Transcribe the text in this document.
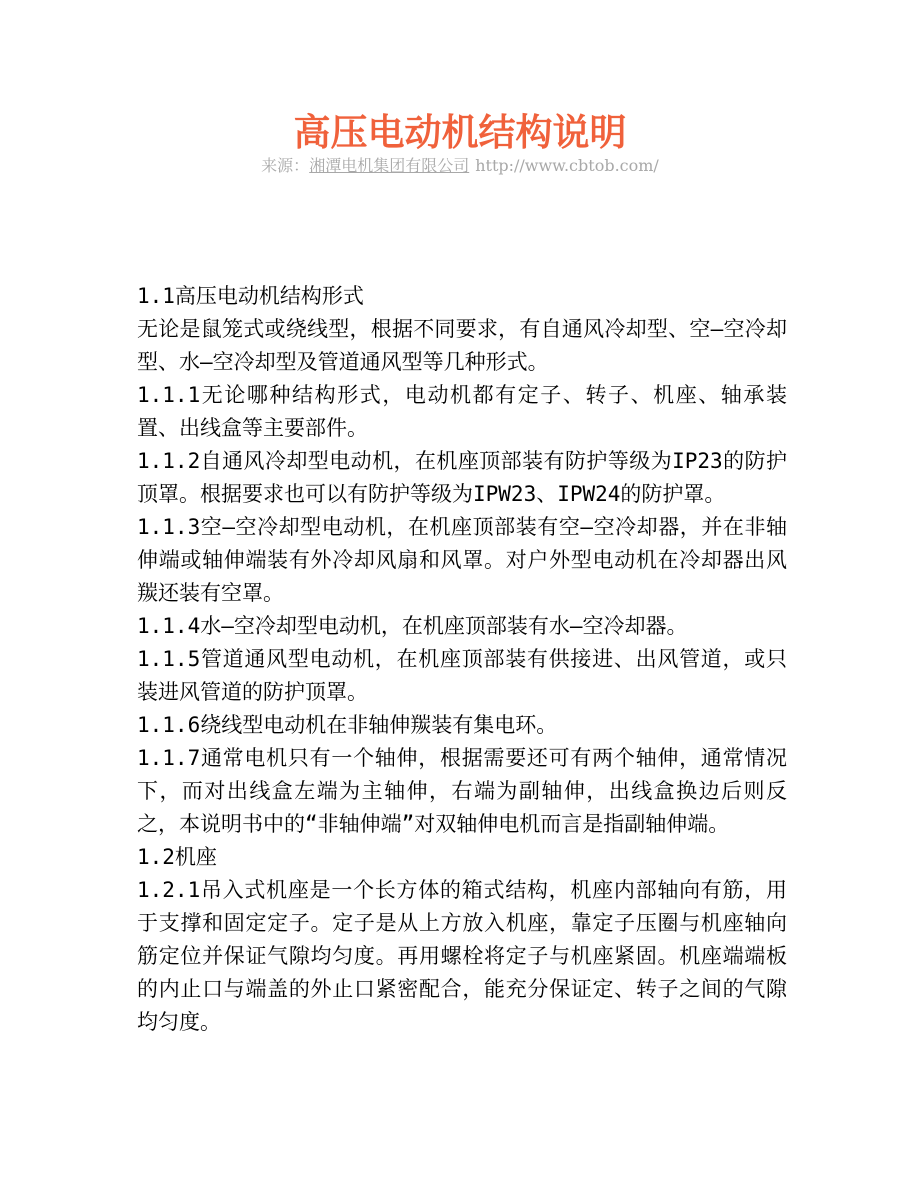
高压电动机结构说明
来源：湘潭电机集团有限公司 http://www.cbtob.com/

1.1高压电动机结构形式

无论是鼠笼式或绕线型，根据不同要求，有自通风冷却型、空—空冷却型、水—空冷却型及管道通风型等几种形式。

1.1.1无论哪种结构形式，电动机都有定子、转子、机座、轴承装置、出线盒等主要部件。

1.1.2自通风冷却型电动机，在机座顶部装有防护等级为IP23的防护顶罩。根据要求也可以有防护等级为IPW23、IPW24的防护罩。

1.1.3空—空冷却型电动机，在机座顶部装有空—空冷却器，并在非轴伸端或轴伸端装有外冷却风扇和风罩。对户外型电动机在冷却器出风羰还装有空罩。

1.1.4水—空冷却型电动机，在机座顶部装有水—空冷却器。

1.1.5管道通风型电动机，在机座顶部装有供接进、出风管道，或只装进风管道的防护顶罩。

1.1.6绕线型电动机在非轴伸羰装有集电环。

1.1.7通常电机只有一个轴伸，根据需要还可有两个轴伸，通常情况下，而对出线盒左端为主轴伸，右端为副轴伸，出线盒换边后则反之，本说明书中的“非轴伸端”对双轴伸电机而言是指副轴伸端。

1.2机座

1.2.1吊入式机座是一个长方体的箱式结构，机座内部轴向有筋，用于支撑和固定定子。定子是从上方放入机座，靠定子压圈与机座轴向筋定位并保证气隙均匀度。再用螺栓将定子与机座紧固。机座端端板的内止口与端盖的外止口紧密配合，能充分保证定、转子之间的气隙均匀度。
